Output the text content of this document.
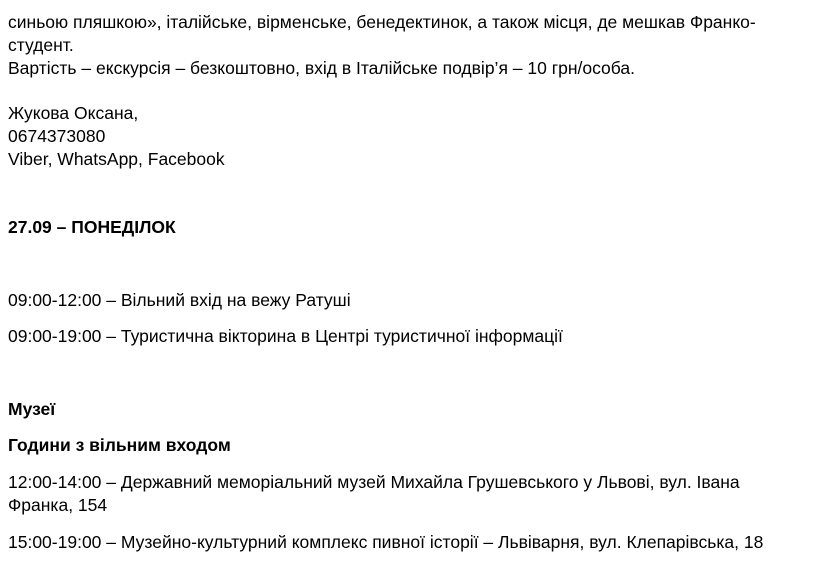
синьою пляшкою», італійське, вірменське, бенедектинок, а також місця, де мешкав Франко-
студент.
Вартість – екскурсія – безкоштовно, вхід в Італійське подвір’я – 10 грн/особа.
Жукова Оксана,
0674373080
Viber, WhatsApp, Facebook
27.09 – ПОНЕДІЛОК
09:00-12:00 – Вільний вхід на вежу Ратуші
09:00-19:00 – Туристична вікторина в Центрі туристичної інформації
Музеї
Години з вільним входом
12:00-14:00 – Державний меморіальний музей Михайла Грушевського у Львові, вул. Івана
Франка, 154
15:00-19:00 – Музейно-культурний комплекс пивної історії – Львіварня, вул. Клепарівська, 18
